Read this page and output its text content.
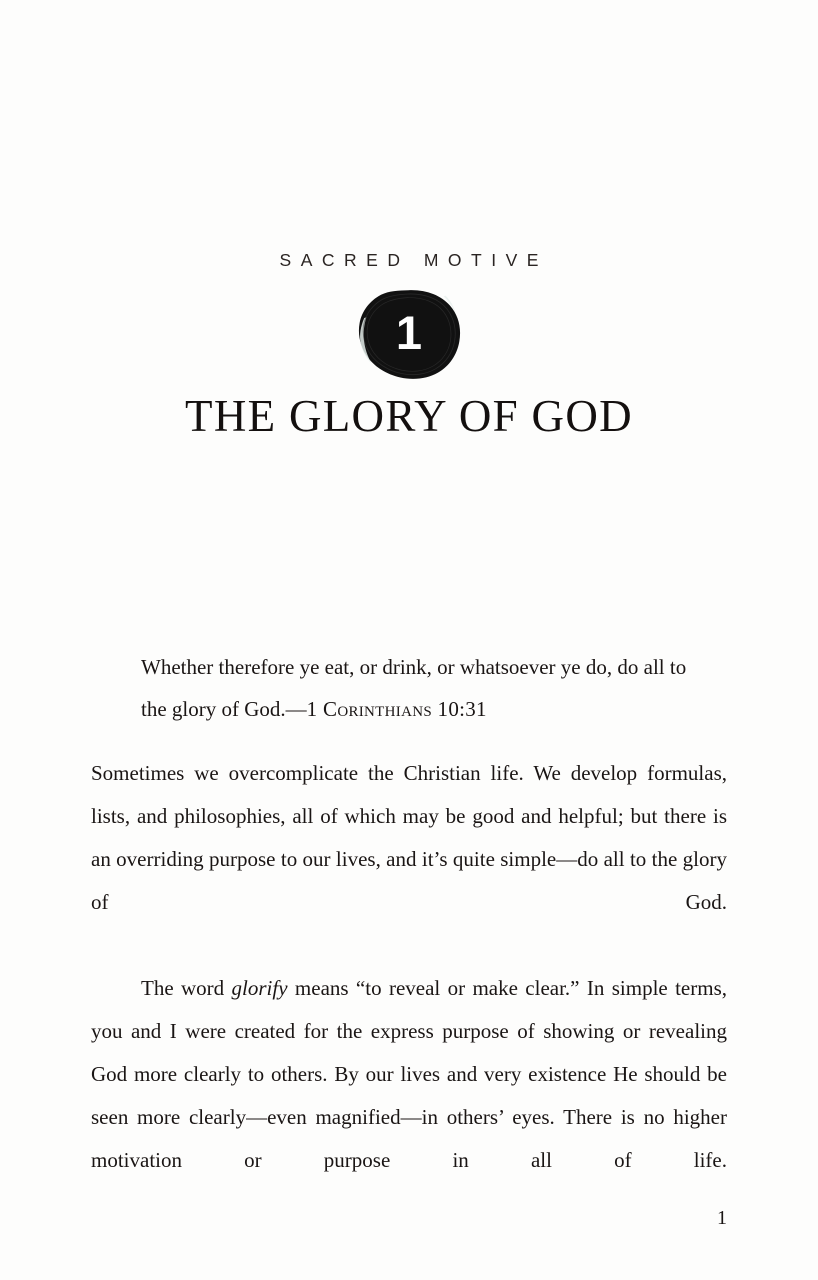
SACRED MOTIVE
1
THE GLORY OF GOD
Whether therefore ye eat, or drink, or whatsoever ye do, do all to the glory of God.—1 Corinthians 10:31

Sometimes we overcomplicate the Christian life. We develop formulas, lists, and philosophies, all of which may be good and helpful; but there is an overriding purpose to our lives, and it’s quite simple—do all to the glory of God.

The word glorify means “to reveal or make clear.” In simple terms, you and I were created for the express purpose of showing or revealing God more clearly to others. By our lives and very existence He should be seen more clearly—even magnified—in others’ eyes. There is no higher motivation or purpose in all of life.

1
